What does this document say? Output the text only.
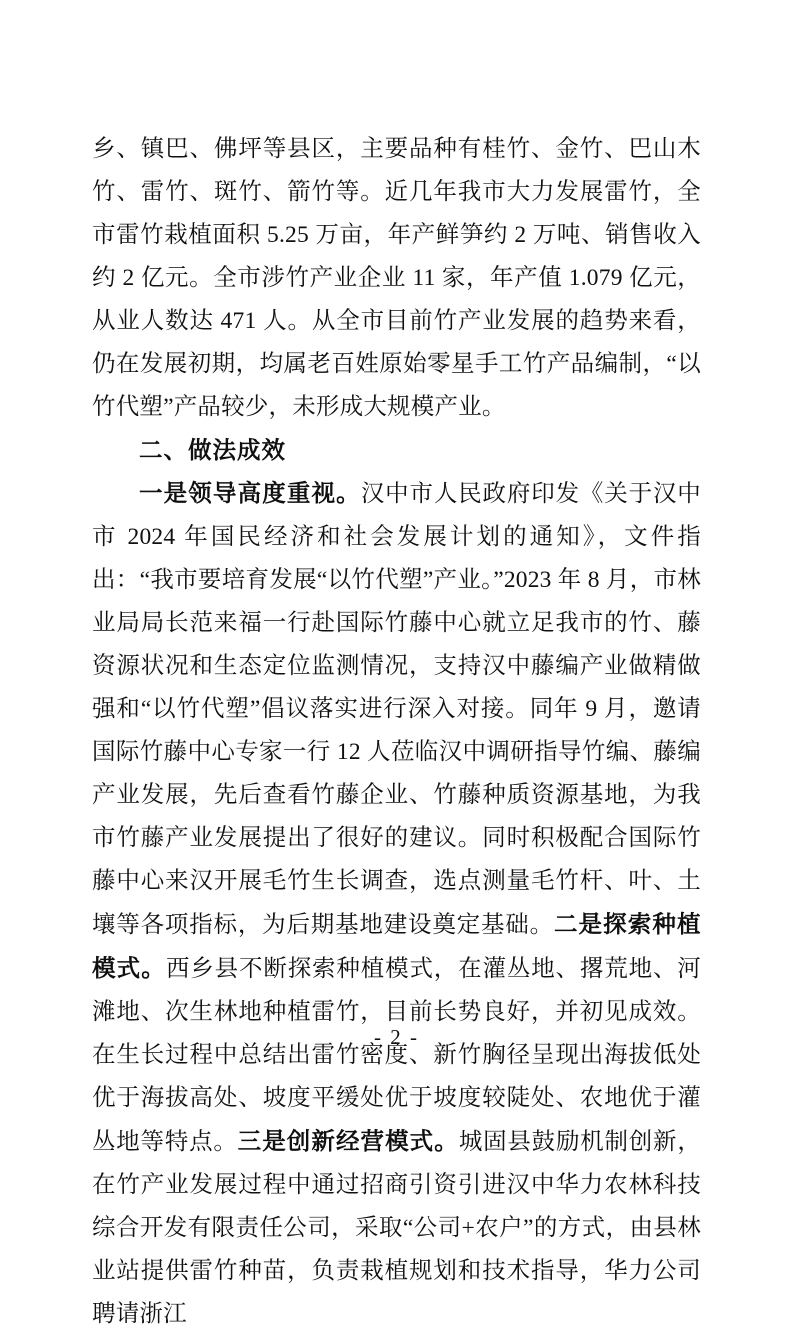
乡、镇巴、佛坪等县区，主要品种有桂竹、金竹、巴山木竹、雷竹、斑竹、箭竹等。近几年我市大力发展雷竹，全市雷竹栽植面积 5.25 万亩，年产鲜笋约 2 万吨、销售收入约 2 亿元。全市涉竹产业企业 11 家，年产值 1.079 亿元，从业人数达 471 人。从全市目前竹产业发展的趋势来看，仍在发展初期，均属老百姓原始零星手工竹产品编制，“以竹代塑”产品较少，未形成大规模产业。

二、做法成效

一是领导高度重视。汉中市人民政府印发《关于汉中市 2024 年国民经济和社会发展计划的通知》，文件指出：“我市要培育发展“以竹代塑”产业。”2023 年 8 月，市林业局局长范来福一行赴国际竹藤中心就立足我市的竹、藤资源状况和生态定位监测情况，支持汉中藤编产业做精做强和“以竹代塑”倡议落实进行深入对接。同年 9 月，邀请国际竹藤中心专家一行 12 人莅临汉中调研指导竹编、藤编产业发展，先后查看竹藤企业、竹藤种质资源基地，为我市竹藤产业发展提出了很好的建议。同时积极配合国际竹藤中心来汉开展毛竹生长调查，选点测量毛竹杆、叶、土壤等各项指标，为后期基地建设奠定基础。二是探索种植模式。西乡县不断探索种植模式，在灌丛地、撂荒地、河滩地、次生林地种植雷竹，目前长势良好，并初见成效。在生长过程中总结出雷竹密度、新竹胸径呈现出海拔低处优于海拔高处、坡度平缓处优于坡度较陡处、农地优于灌丛地等特点。三是创新经营模式。城固县鼓励机制创新，在竹产业发展过程中通过招商引资引进汉中华力农林科技综合开发有限责任公司，采取“公司+农户”的方式，由县林业站提供雷竹种苗，负责栽植规划和技术指导，华力公司聘请浙江

- 2 -
